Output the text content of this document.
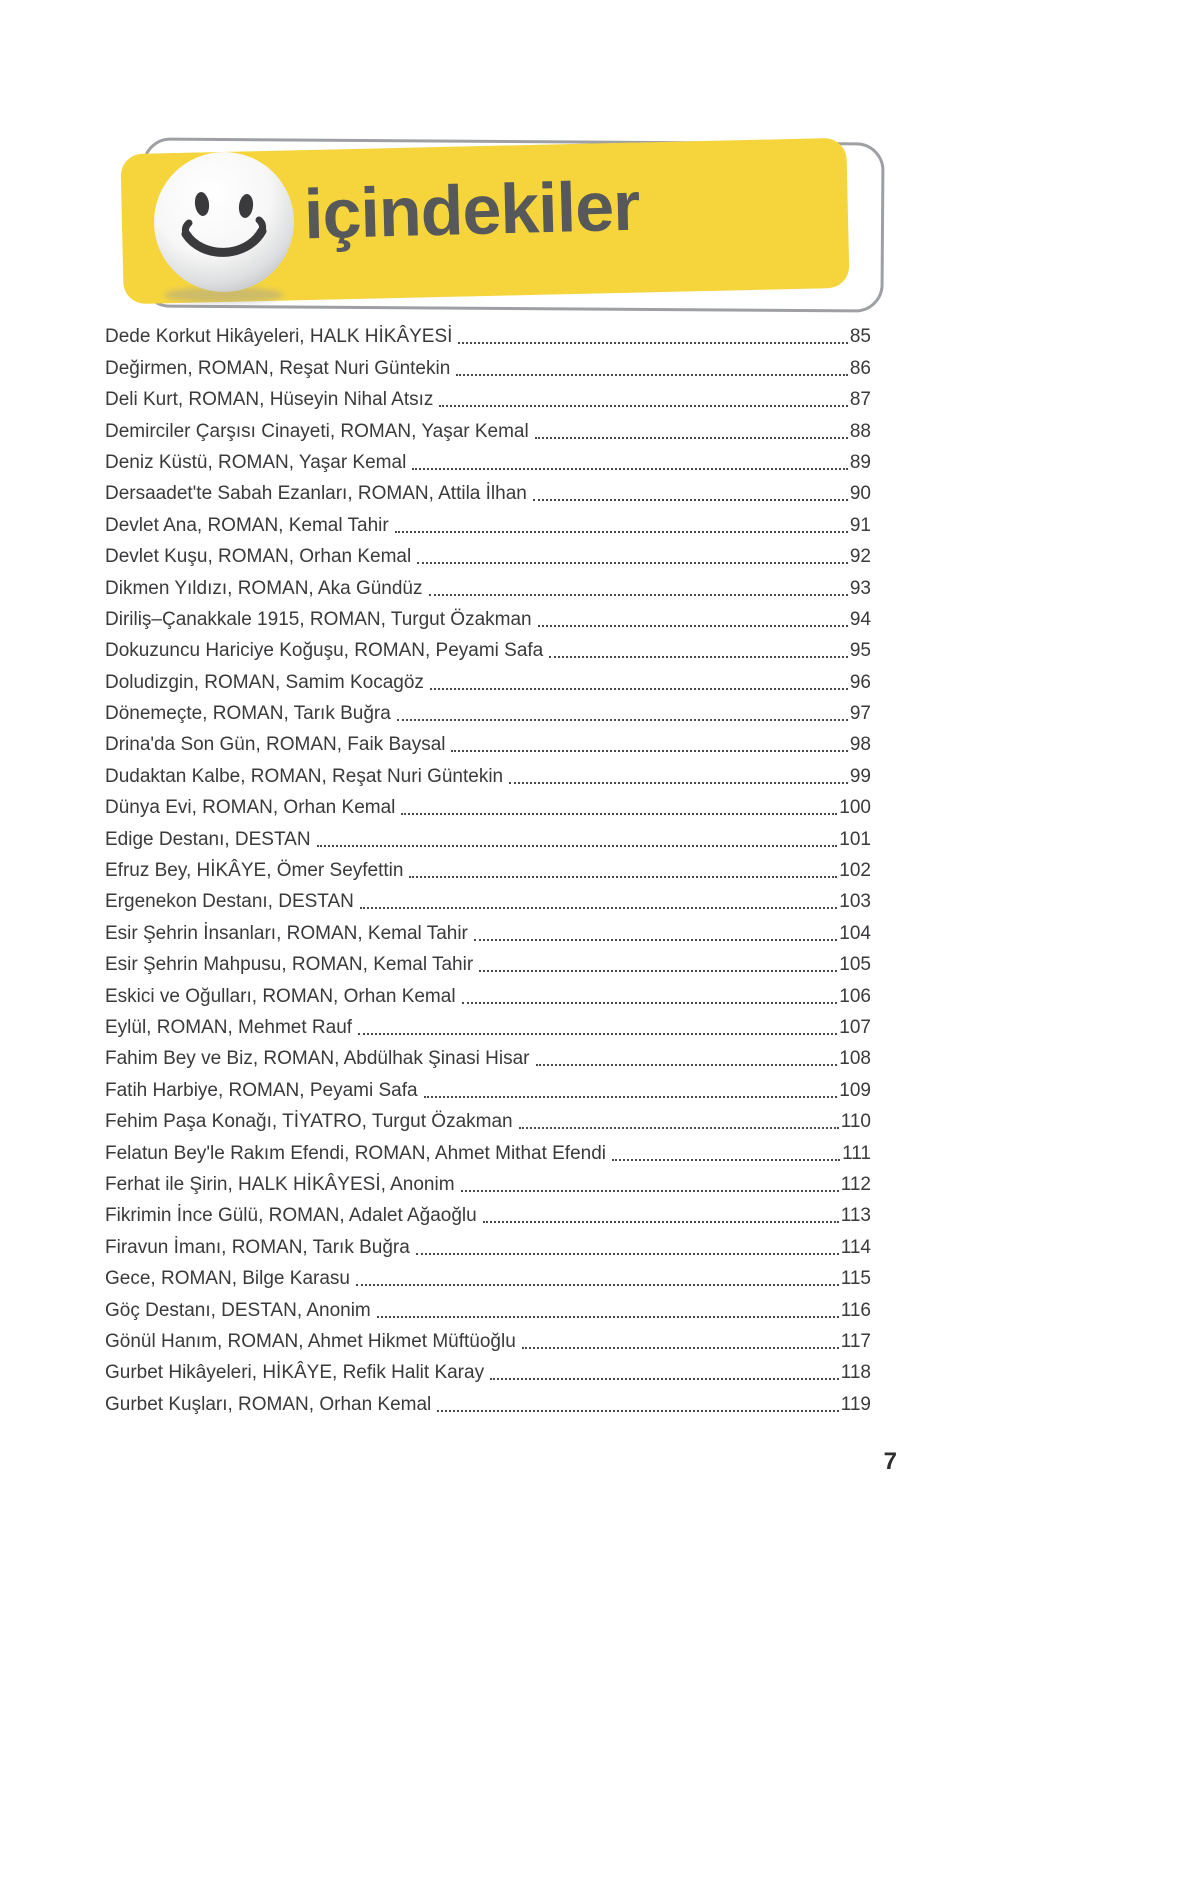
içindekiler
Dede Korkut Hikâyeleri, HALK HİKÂYESİ	85
Değirmen, ROMAN, Reşat Nuri Güntekin	86
Deli Kurt, ROMAN, Hüseyin Nihal Atsız	87
Demirciler Çarşısı Cinayeti, ROMAN, Yaşar Kemal	88
Deniz Küstü, ROMAN, Yaşar Kemal	89
Dersaadet'te Sabah Ezanları, ROMAN, Attila İlhan	90
Devlet Ana, ROMAN, Kemal Tahir	91
Devlet Kuşu, ROMAN, Orhan Kemal	92
Dikmen Yıldızı, ROMAN, Aka Gündüz	93
Diriliş–Çanakkale 1915, ROMAN, Turgut Özakman	94
Dokuzuncu Hariciye Koğuşu, ROMAN, Peyami Safa	95
Doludizgin, ROMAN, Samim Kocagöz	96
Dönemeçte, ROMAN, Tarık Buğra	97
Drina'da Son Gün, ROMAN, Faik Baysal	98
Dudaktan Kalbe, ROMAN, Reşat Nuri Güntekin	99
Dünya Evi, ROMAN, Orhan Kemal	100
Edige Destanı, DESTAN	101
Efruz Bey, HİKÂYE, Ömer Seyfettin	102
Ergenekon Destanı, DESTAN	103
Esir Şehrin İnsanları, ROMAN, Kemal Tahir	104
Esir Şehrin Mahpusu, ROMAN, Kemal Tahir	105
Eskici ve Oğulları, ROMAN, Orhan Kemal	106
Eylül, ROMAN, Mehmet Rauf	107
Fahim Bey ve Biz, ROMAN, Abdülhak Şinasi Hisar	108
Fatih Harbiye, ROMAN, Peyami Safa	109
Fehim Paşa Konağı, TİYATRO, Turgut Özakman	110
Felatun Bey'le Rakım Efendi, ROMAN, Ahmet Mithat Efendi	111
Ferhat ile Şirin, HALK HİKÂYESİ, Anonim	112
Fikrimin İnce Gülü, ROMAN, Adalet Ağaoğlu	113
Firavun İmanı, ROMAN, Tarık Buğra	114
Gece, ROMAN, Bilge Karasu	115
Göç Destanı, DESTAN, Anonim	116
Gönül Hanım, ROMAN, Ahmet Hikmet Müftüoğlu	117
Gurbet Hikâyeleri, HİKÂYE, Refik Halit Karay	118
Gurbet Kuşları, ROMAN, Orhan Kemal	119
7
